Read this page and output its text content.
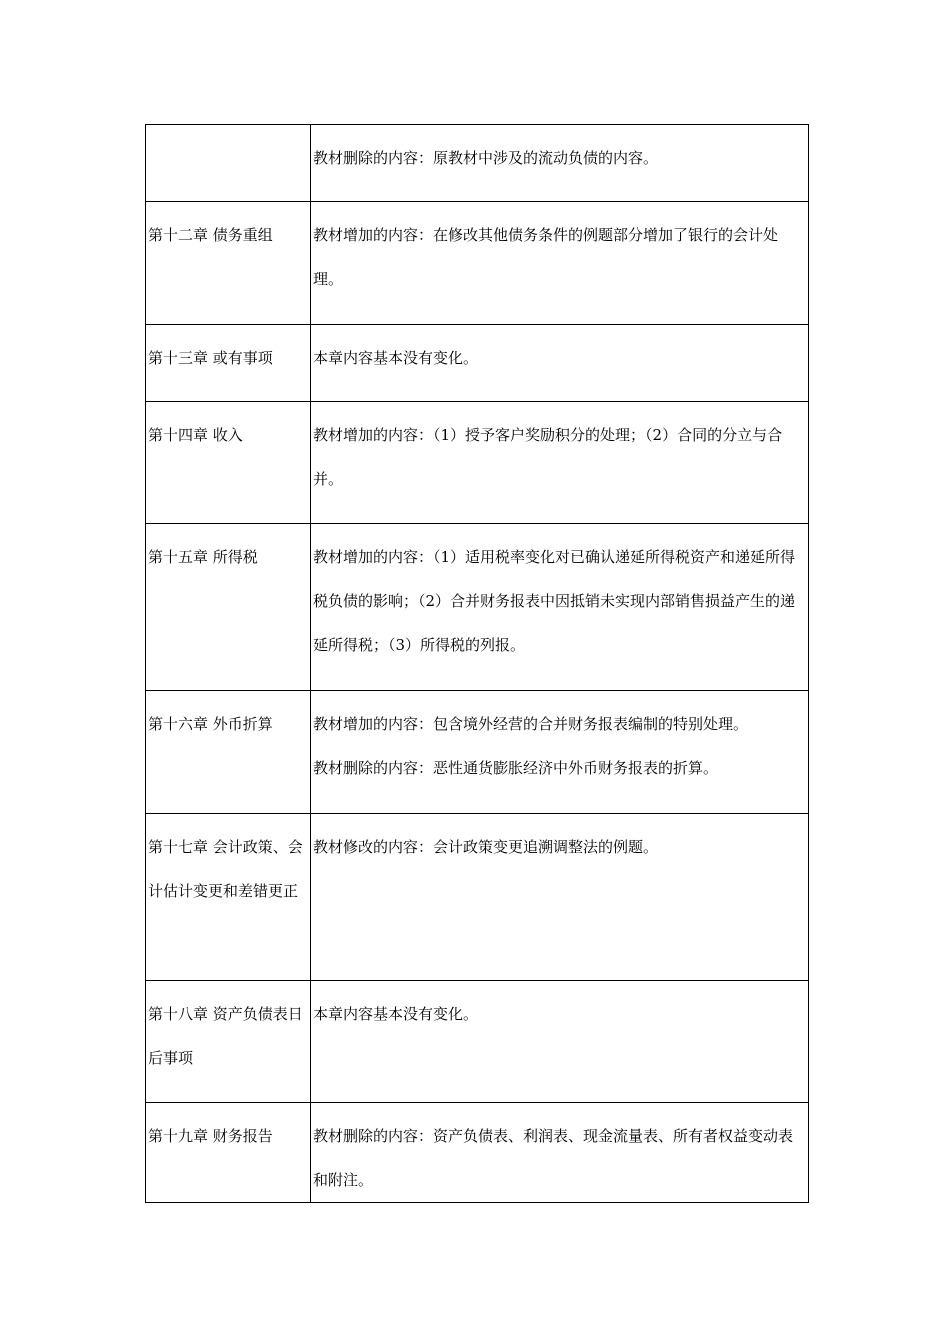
	教材删除的内容：原教材中涉及的流动负债的内容。

第十二章 债务重组	教材增加的内容：在修改其他债务条件的例题部分增加了银行的会计处理。

第十三章 或有事项	本章内容基本没有变化。

第十四章 收入	教材增加的内容：（1）授予客户奖励积分的处理；（2）合同的分立与合并。

第十五章 所得税	教材增加的内容：（1）适用税率变化对已确认递延所得税资产和递延所得税负债的影响；（2）合并财务报表中因抵销未实现内部销售损益产生的递延所得税；（3）所得税的列报。

第十六章 外币折算	教材增加的内容：包含境外经营的合并财务报表编制的特别处理。
教材删除的内容：恶性通货膨胀经济中外币财务报表的折算。

第十七章 会计政策、会计估计变更和差错更正	教材修改的内容：会计政策变更追溯调整法的例题。

第十八章 资产负债表日后事项	本章内容基本没有变化。

第十九章 财务报告	教材删除的内容：资产负债表、利润表、现金流量表、所有者权益变动表和附注。
